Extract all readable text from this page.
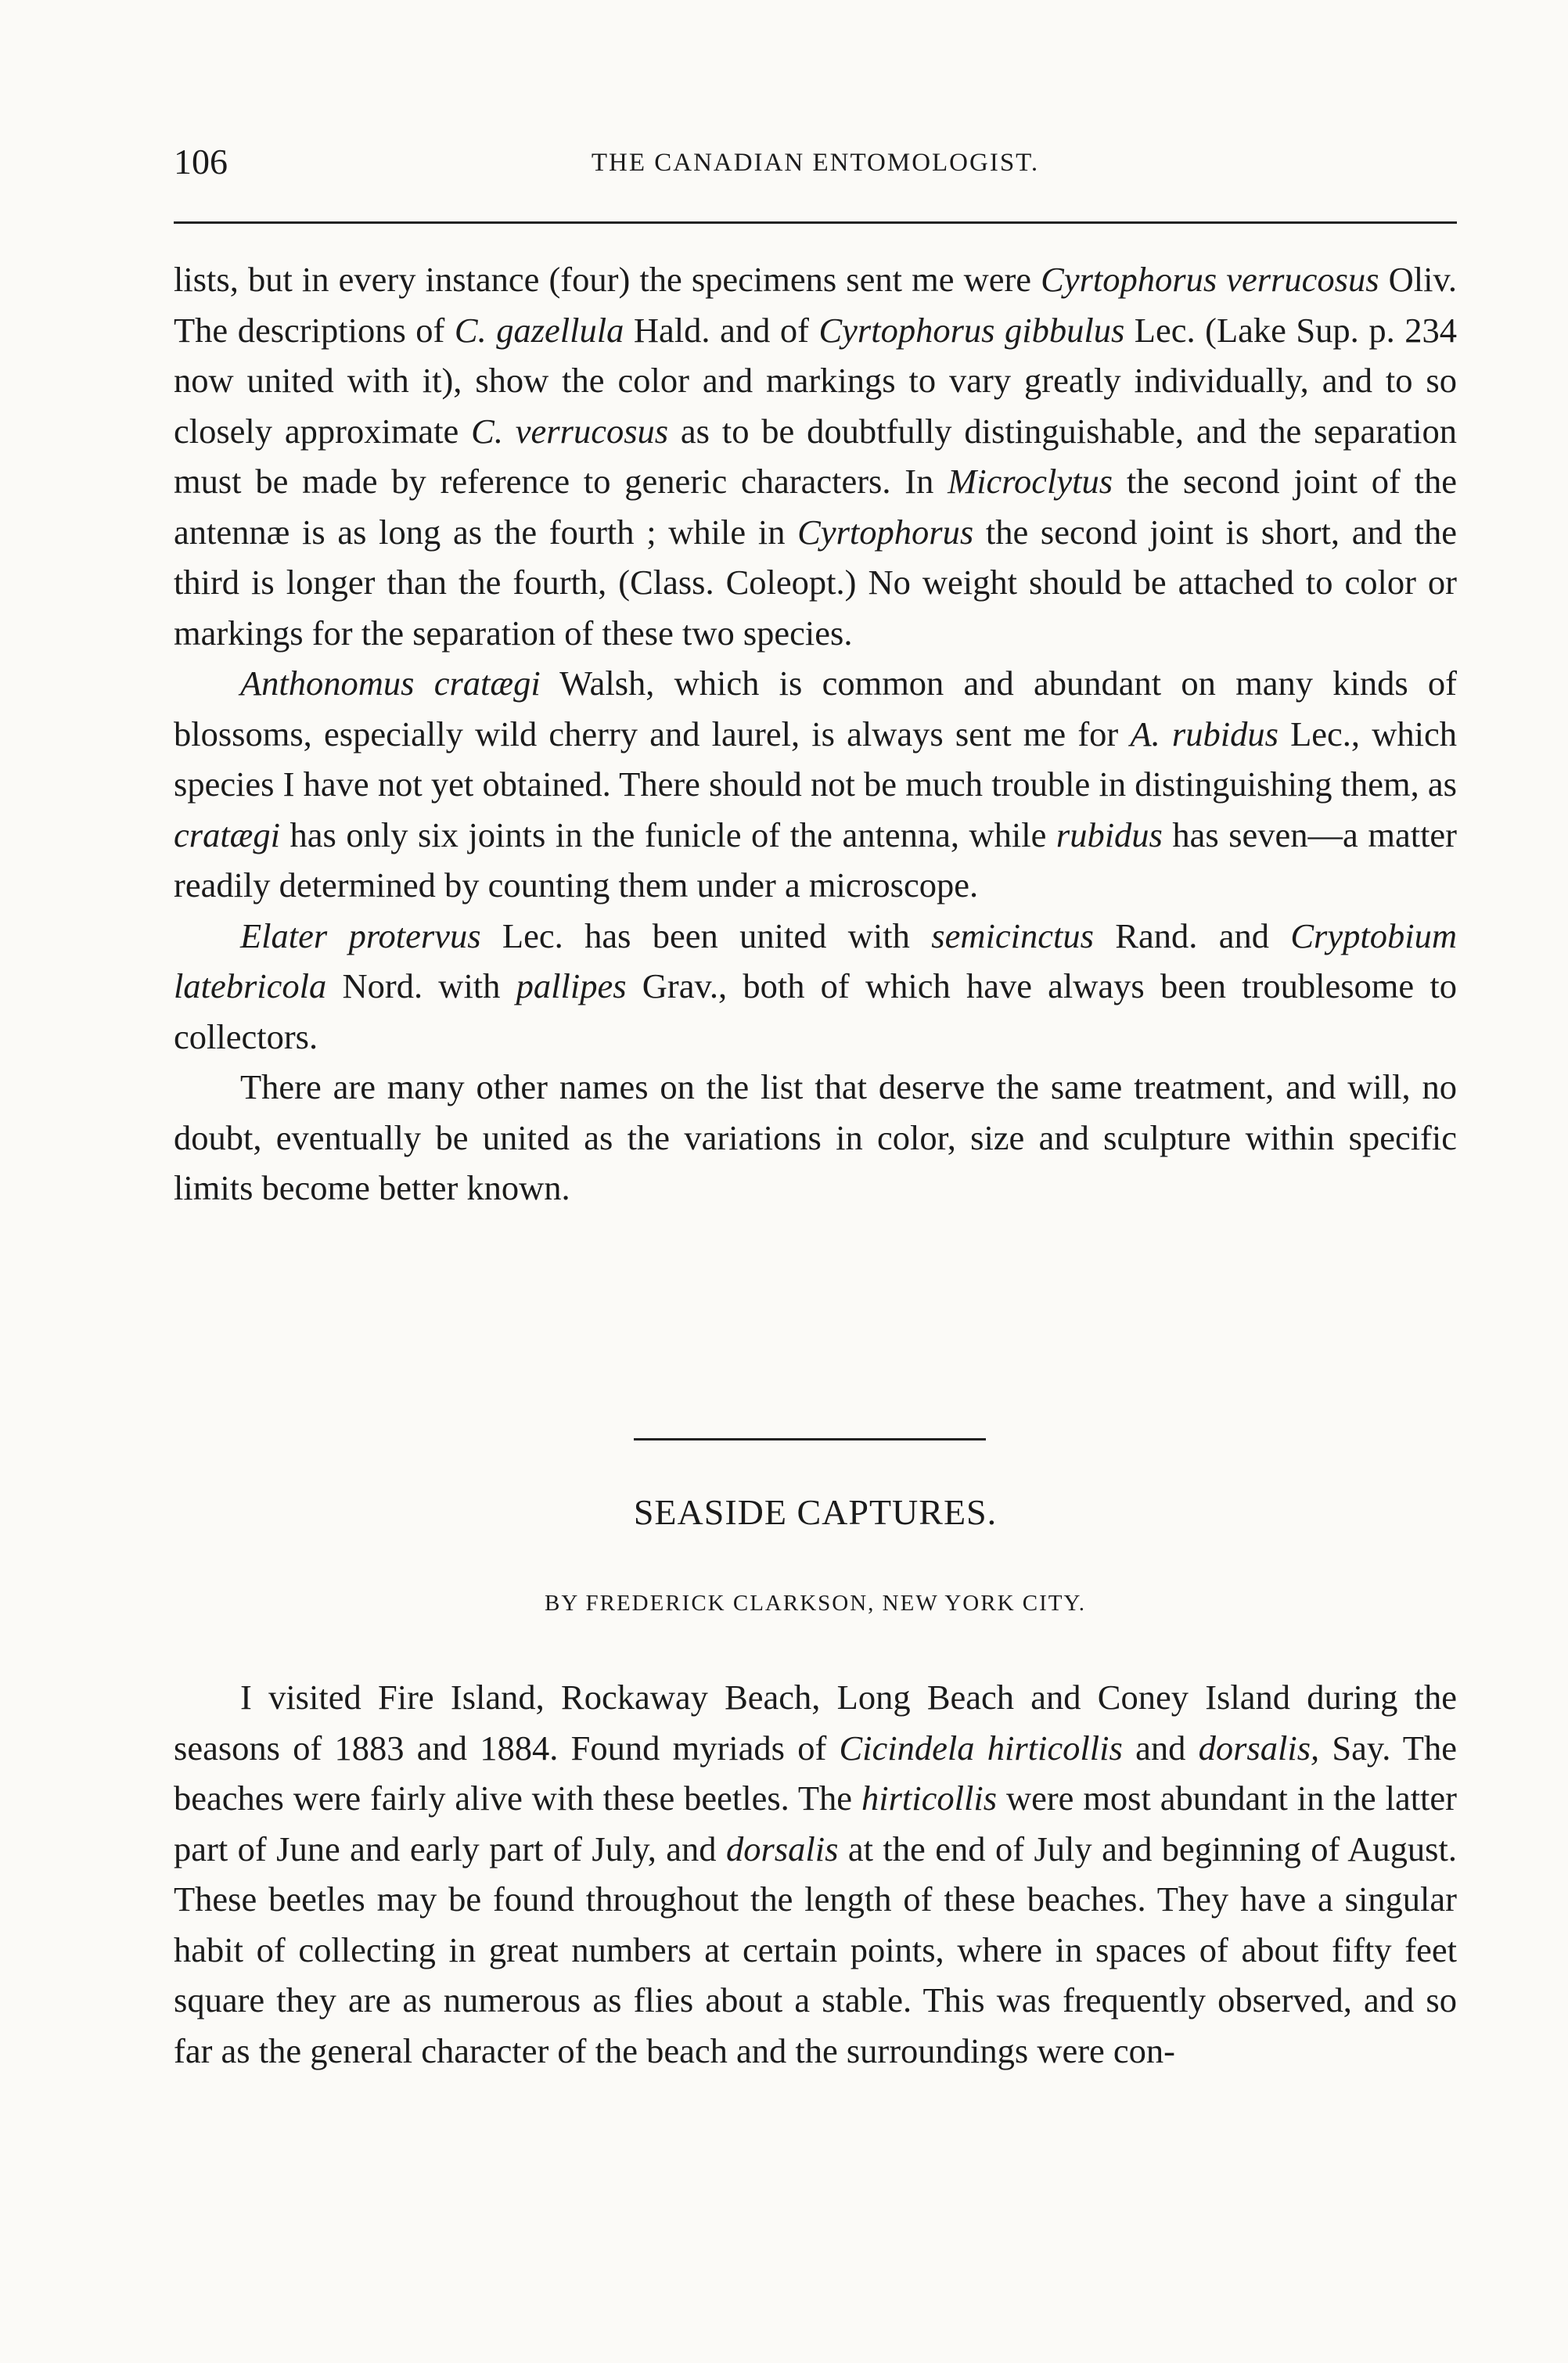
106	THE CANADIAN ENTOMOLOGIST.

lists, but in every instance (four) the specimens sent me were Cyrtophorus verrucosus Oliv. The descriptions of C. gazellula Hald. and of Cyrtophorus gibbulus Lec. (Lake Sup. p. 234 now united with it), show the color and markings to vary greatly individually, and to so closely approximate C. verrucosus as to be doubtfully distinguishable, and the separation must be made by reference to generic characters. In Microclytus the second joint of the antennæ is as long as the fourth ; while in Cyrtophorus the second joint is short, and the third is longer than the fourth, (Class. Coleopt.) No weight should be attached to color or markings for the separation of these two species.

Anthonomus cratægi Walsh, which is common and abundant on many kinds of blossoms, especially wild cherry and laurel, is always sent me for A. rubidus Lec., which species I have not yet obtained. There should not be much trouble in distinguishing them, as cratægi has only six joints in the funicle of the antenna, while rubidus has seven—a matter readily determined by counting them under a microscope.

Elater protervus Lec. has been united with semicinctus Rand. and Cryptobium latebricola Nord. with pallipes Grav., both of which have always been troublesome to collectors.

There are many other names on the list that deserve the same treatment, and will, no doubt, eventually be united as the variations in color, size and sculpture within specific limits become better known.

SEASIDE CAPTURES.
BY FREDERICK CLARKSON, NEW YORK CITY.

I visited Fire Island, Rockaway Beach, Long Beach and Coney Island during the seasons of 1883 and 1884. Found myriads of Cicindela hirticollis and dorsalis, Say. The beaches were fairly alive with these beetles. The hirticollis were most abundant in the latter part of June and early part of July, and dorsalis at the end of July and beginning of August. These beetles may be found throughout the length of these beaches. They have a singular habit of collecting in great numbers at certain points, where in spaces of about fifty feet square they are as numerous as flies about a stable. This was frequently observed, and so far as the general character of the beach and the surroundings were con-
